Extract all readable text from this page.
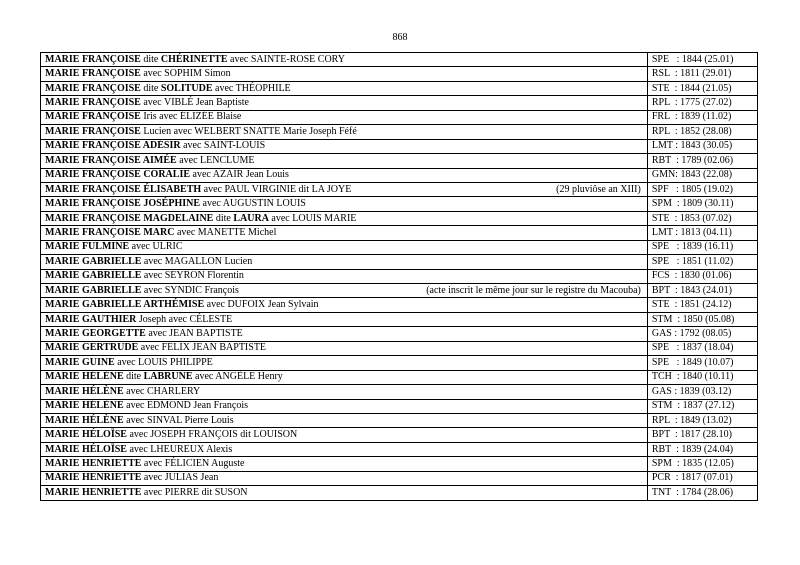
868
MARIE FRANÇOISE dite CHÉRINETTE avec SAINTE-ROSE CORY	SPE   : 1844 (25.01)

MARIE FRANÇOISE avec SOPHIM Simon	RSL  : 1811 (29.01)

MARIE FRANÇOISE dite SOLITUDE avec THÉOPHILE	STE  : 1844 (21.05)

MARIE FRANÇOISE avec VIBLÉ Jean Baptiste	RPL  : 1775 (27.02)

MARIE FRANÇOISE Iris avec ÉLIZÉE Blaise	FRL  : 1839 (11.02)

MARIE FRANÇOISE Lucien avec WELBERT SNATTE Marie Joseph Féfé	RPL  : 1852 (28.08)

MARIE FRANÇOISE ADÉSIR avec SAINT-LOUIS	LMT : 1843 (30.05)

MARIE FRANÇOISE AIMÉE avec LENCLUME	RBT  : 1789 (02.06)

MARIE FRANÇOISE CORALIE avec AZAIR Jean Louis	GMN: 1843 (22.08)

MARIE FRANÇOISE ÉLISABETH avec PAUL VIRGINIE dit LA JOYE (29 pluviôse an XIII)	SPF   : 1805 (19.02)

MARIE FRANÇOISE JOSÉPHINE avec AUGUSTIN LOUIS	SPM  : 1809 (30.11)

MARIE FRANÇOISE MAGDELAINE dite LAURA avec LOUIS MARIE	STE  : 1853 (07.02)

MARIE FRANÇOISE MARC avec MANETTE Michel	LMT : 1813 (04.11)

MARIE FULMINE avec ULRIC	SPE   : 1839 (16.11)

MARIE GABRIELLE avec MAGALLON Lucien	SPE   : 1851 (11.02)

MARIE GABRIELLE avec SEYRON Florentin	FCS  : 1830 (01.06)

MARIE GABRIELLE avec SYNDIC François (acte inscrit le même jour sur le registre du Macouba)	BPT  : 1843 (24.01)

MARIE GABRIELLE ARTHÉMISE avec DUFOIX Jean Sylvain	STE  : 1851 (24.12)

MARIE GAUTHIER Joseph avec CÉLESTE	STM  : 1850 (05.08)

MARIE GEORGETTE avec JEAN BAPTISTE	GAS : 1792 (08.05)

MARIE GERTRUDE avec FÉLIX JEAN BAPTISTE	SPE   : 1837 (18.04)

MARIE GUINE avec LOUIS PHILIPPE	SPE   : 1849 (10.07)

MARIE HÉLÈNE dite LABRUNE avec ANGÈLE Henry	TCH  : 1840 (10.11)

MARIE HÉLÈNE avec CHARLERY	GAS : 1839 (03.12)

MARIE HÉLÈNE avec EDMOND Jean François	STM  : 1837 (27.12)

MARIE HÉLÈNE avec SINVAL Pierre Louis	RPL  : 1849 (13.02)

MARIE HÉLOÏSE avec JOSEPH FRANÇOIS dit LOUISON	BPT  : 1817 (28.10)

MARIE HÉLOÏSE avec LHEUREUX Alexis	RBT  : 1839 (24.04)

MARIE HENRIETTE avec FÉLICIEN Auguste	SPM  : 1835 (12.05)

MARIE HENRIETTE avec JULIAS Jean	PCR  : 1817 (07.01)

MARIE HENRIETTE avec PIERRE dit SUSON	TNT  : 1784 (28.06)
